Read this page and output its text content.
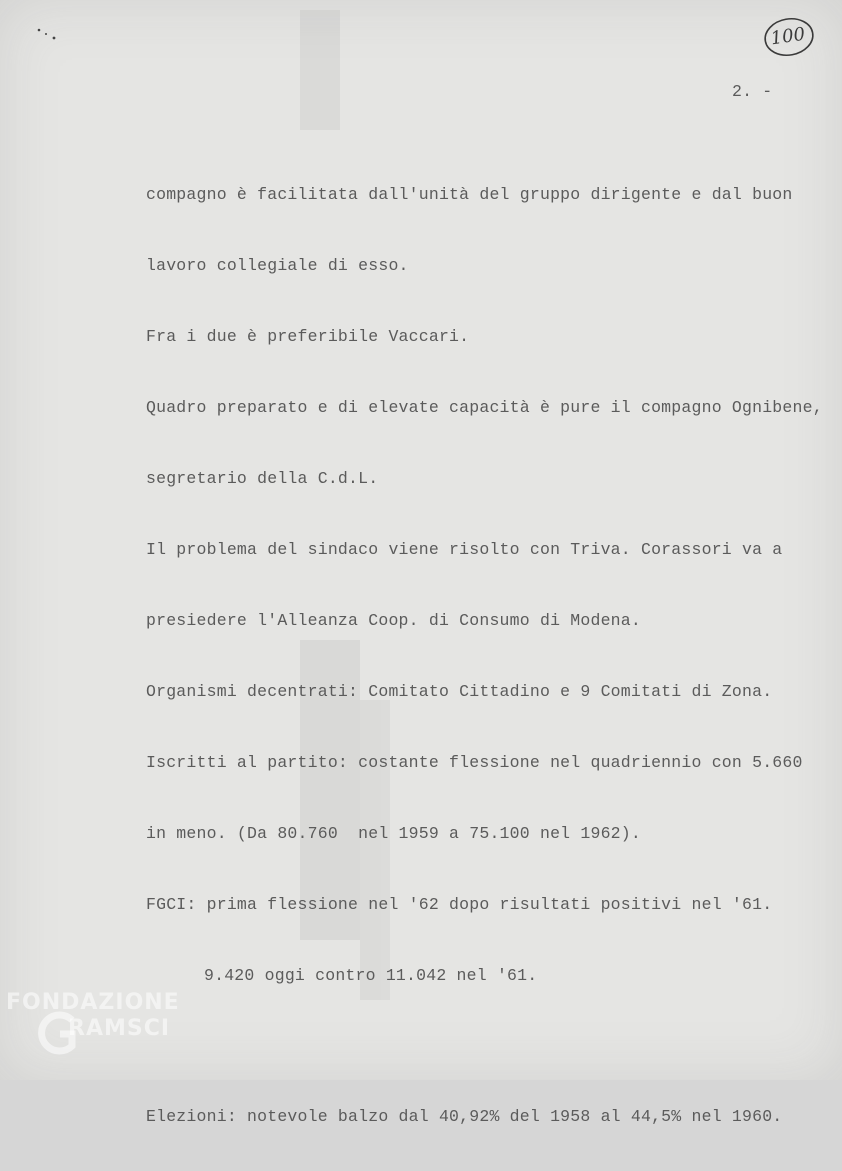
100
2. -

compagno è facilitata dall'unità del gruppo dirigente e dal buon

lavoro collegiale di esso.

Fra i due è preferibile Vaccari.

Quadro preparato e di elevate capacità è pure il compagno Ognibene,

segretario della C.d.L.

Il problema del sindaco viene risolto con Triva. Corassori va a

presiedere l'Alleanza Coop. di Consumo di Modena.

Organismi decentrati: Comitato Cittadino e 9 Comitati di Zona.

Iscritti al partito: costante flessione nel quadriennio con 5.660

in meno. (Da 80.760  nel 1959 a 75.100 nel 1962).

FGCI: prima flessione nel '62 dopo risultati positivi nel '61.

9.420 oggi contro 11.042 nel '61.

Elezioni: notevole balzo dal 40,92% del 1958 al 44,5% nel 1960.

FONDAZIONE
RAMSCI
